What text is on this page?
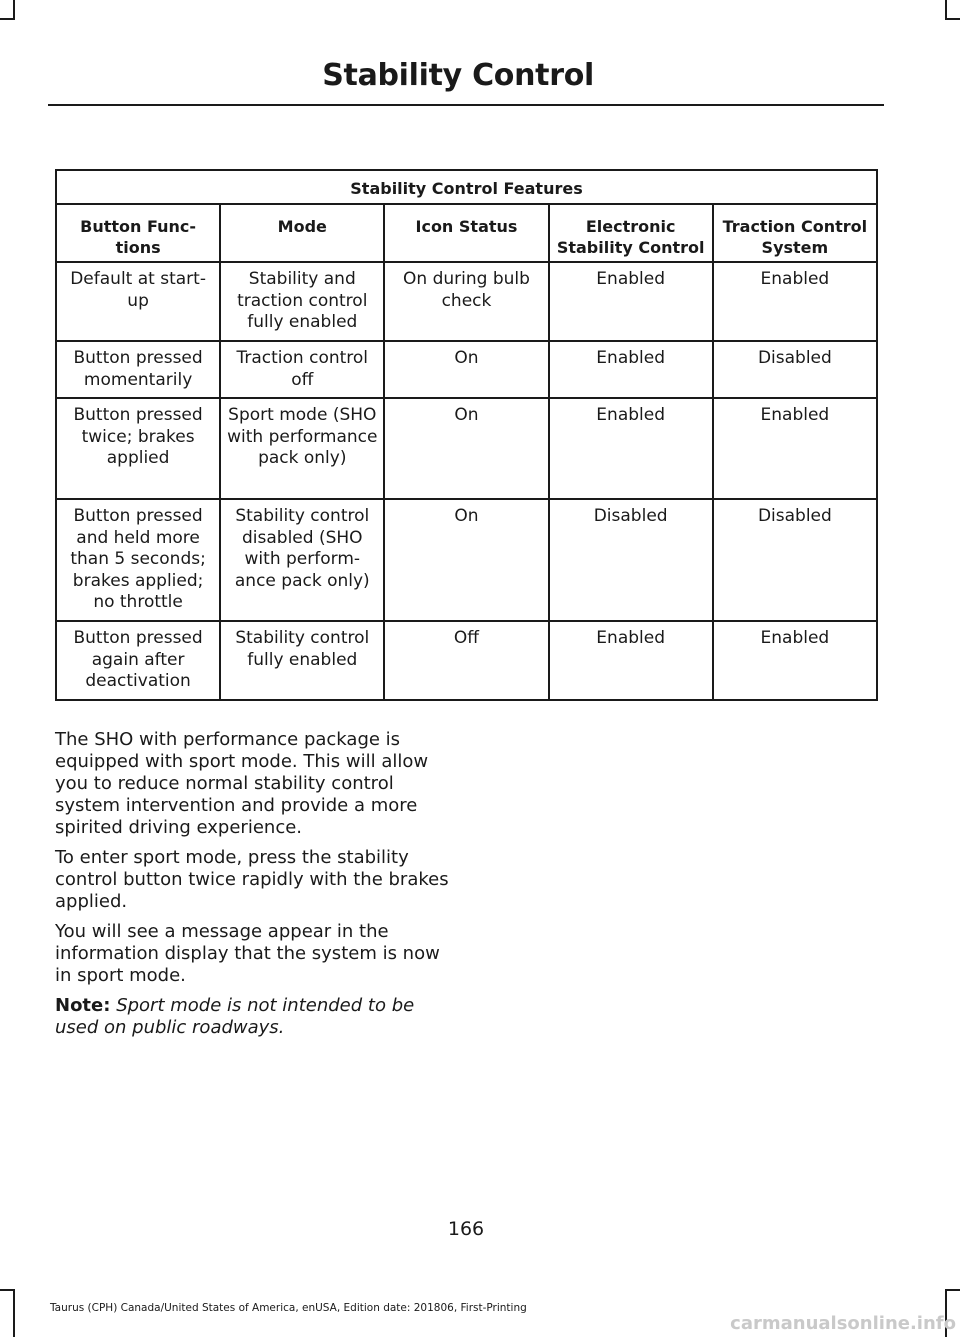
Stability Control
Stability Control Features				
Button Func-tions	Mode	Icon Status	Electronic Stability Control	Traction Control System
Default at start-up	Stability and traction control fully enabled	On during bulb check	Enabled	Enabled
Button pressed momentarily	Traction control off	On	Enabled	Disabled
Button pressed twice; brakes applied	Sport mode (SHO with performance pack only)	On	Enabled	Enabled
Button pressed and held more than 5 seconds; brakes applied; no throttle	Stability control disabled (SHO with perform-ance pack only)	On	Disabled	Disabled
Button pressed again after deactivation	Stability control fully enabled	Off	Enabled	Enabled

The SHO with performance package is equipped with sport mode. This will allow you to reduce normal stability control system intervention and provide a more spirited driving experience.

To enter sport mode, press the stability control button twice rapidly with the brakes applied.

You will see a message appear in the information display that the system is now in sport mode.

Note: Sport mode is not intended to be used on public roadways.

166
Taurus (CPH) Canada/United States of America, enUSA, Edition date: 201806, First-Printing
carmanualsonline.info
